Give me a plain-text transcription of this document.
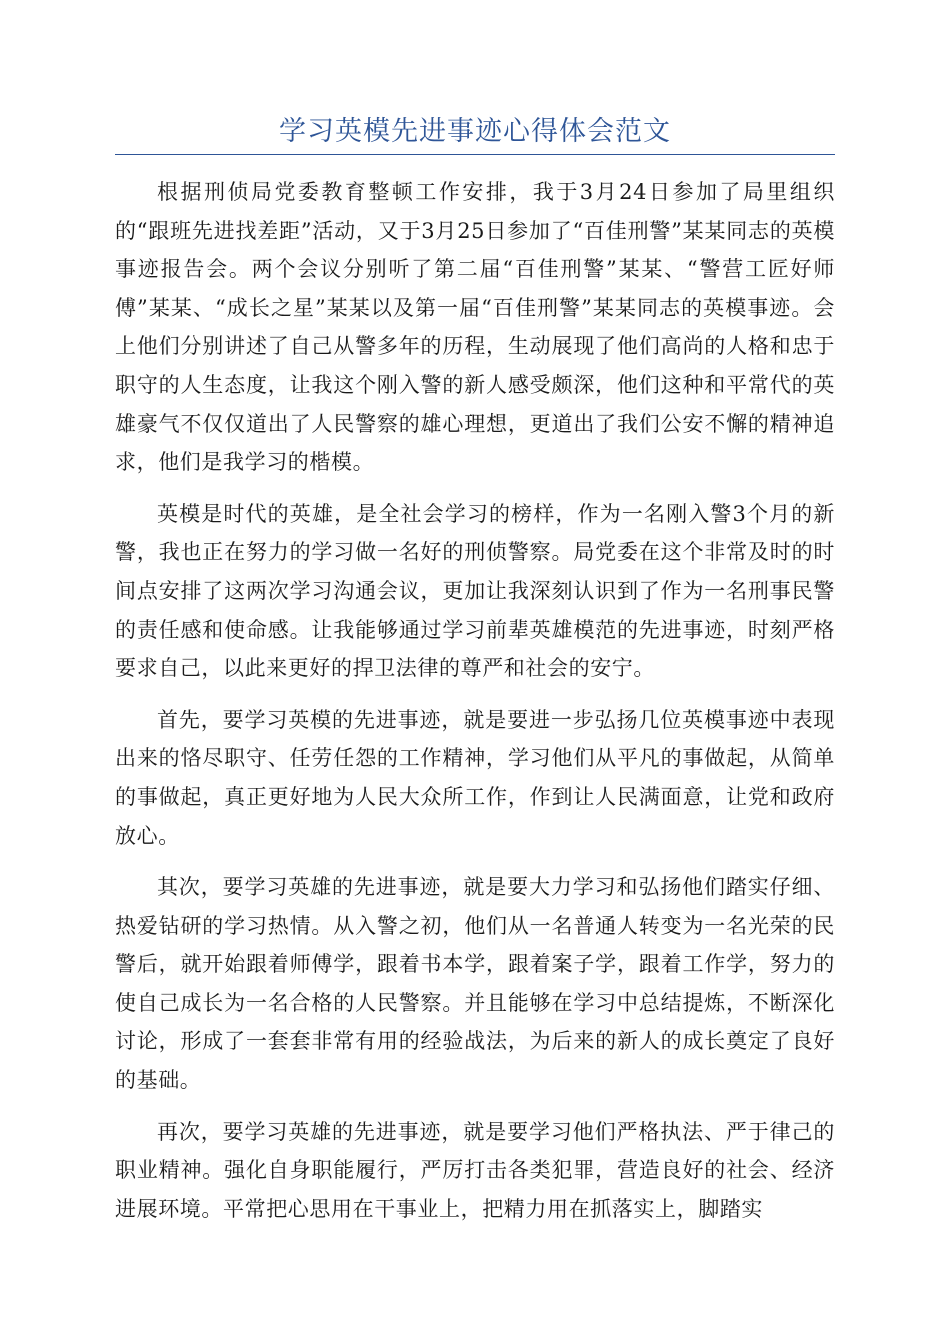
学习英模先进事迹心得体会范文

根据刑侦局党委教育整顿工作安排，我于3月24日参加了局里组织的“跟班先进找差距”活动，又于3月25日参加了“百佳刑警”某某同志的英模事迹报告会。两个会议分别听了第二届“百佳刑警”某某、“警营工匠好师傅”某某、“成长之星”某某以及第一届“百佳刑警”某某同志的英模事迹。会上他们分别讲述了自己从警多年的历程，生动展现了他们高尚的人格和忠于职守的人生态度，让我这个刚入警的新人感受颇深，他们这种和平常代的英雄豪气不仅仅道出了人民警察的雄心理想，更道出了我们公安不懈的精神追求，他们是我学习的楷模。

英模是时代的英雄，是全社会学习的榜样，作为一名刚入警3个月的新警，我也正在努力的学习做一名好的刑侦警察。局党委在这个非常及时的时间点安排了这两次学习沟通会议，更加让我深刻认识到了作为一名刑事民警的责任感和使命感。让我能够通过学习前辈英雄模范的先进事迹，时刻严格要求自己，以此来更好的捍卫法律的尊严和社会的安宁。

首先，要学习英模的先进事迹，就是要进一步弘扬几位英模事迹中表现出来的恪尽职守、任劳任怨的工作精神，学习他们从平凡的事做起，从简单的事做起，真正更好地为人民大众所工作，作到让人民满面意，让党和政府放心。

其次，要学习英雄的先进事迹，就是要大力学习和弘扬他们踏实仔细、热爱钻研的学习热情。从入警之初，他们从一名普通人转变为一名光荣的民警后，就开始跟着师傅学，跟着书本学，跟着案子学，跟着工作学，努力的使自己成长为一名合格的人民警察。并且能够在学习中总结提炼，不断深化讨论，形成了一套套非常有用的经验战法，为后来的新人的成长奠定了良好的基础。

再次，要学习英雄的先进事迹，就是要学习他们严格执法、严于律己的职业精神。强化自身职能履行，严厉打击各类犯罪，营造良好的社会、经济进展环境。平常把心思用在干事业上，把精力用在抓落实上，脚踏实
